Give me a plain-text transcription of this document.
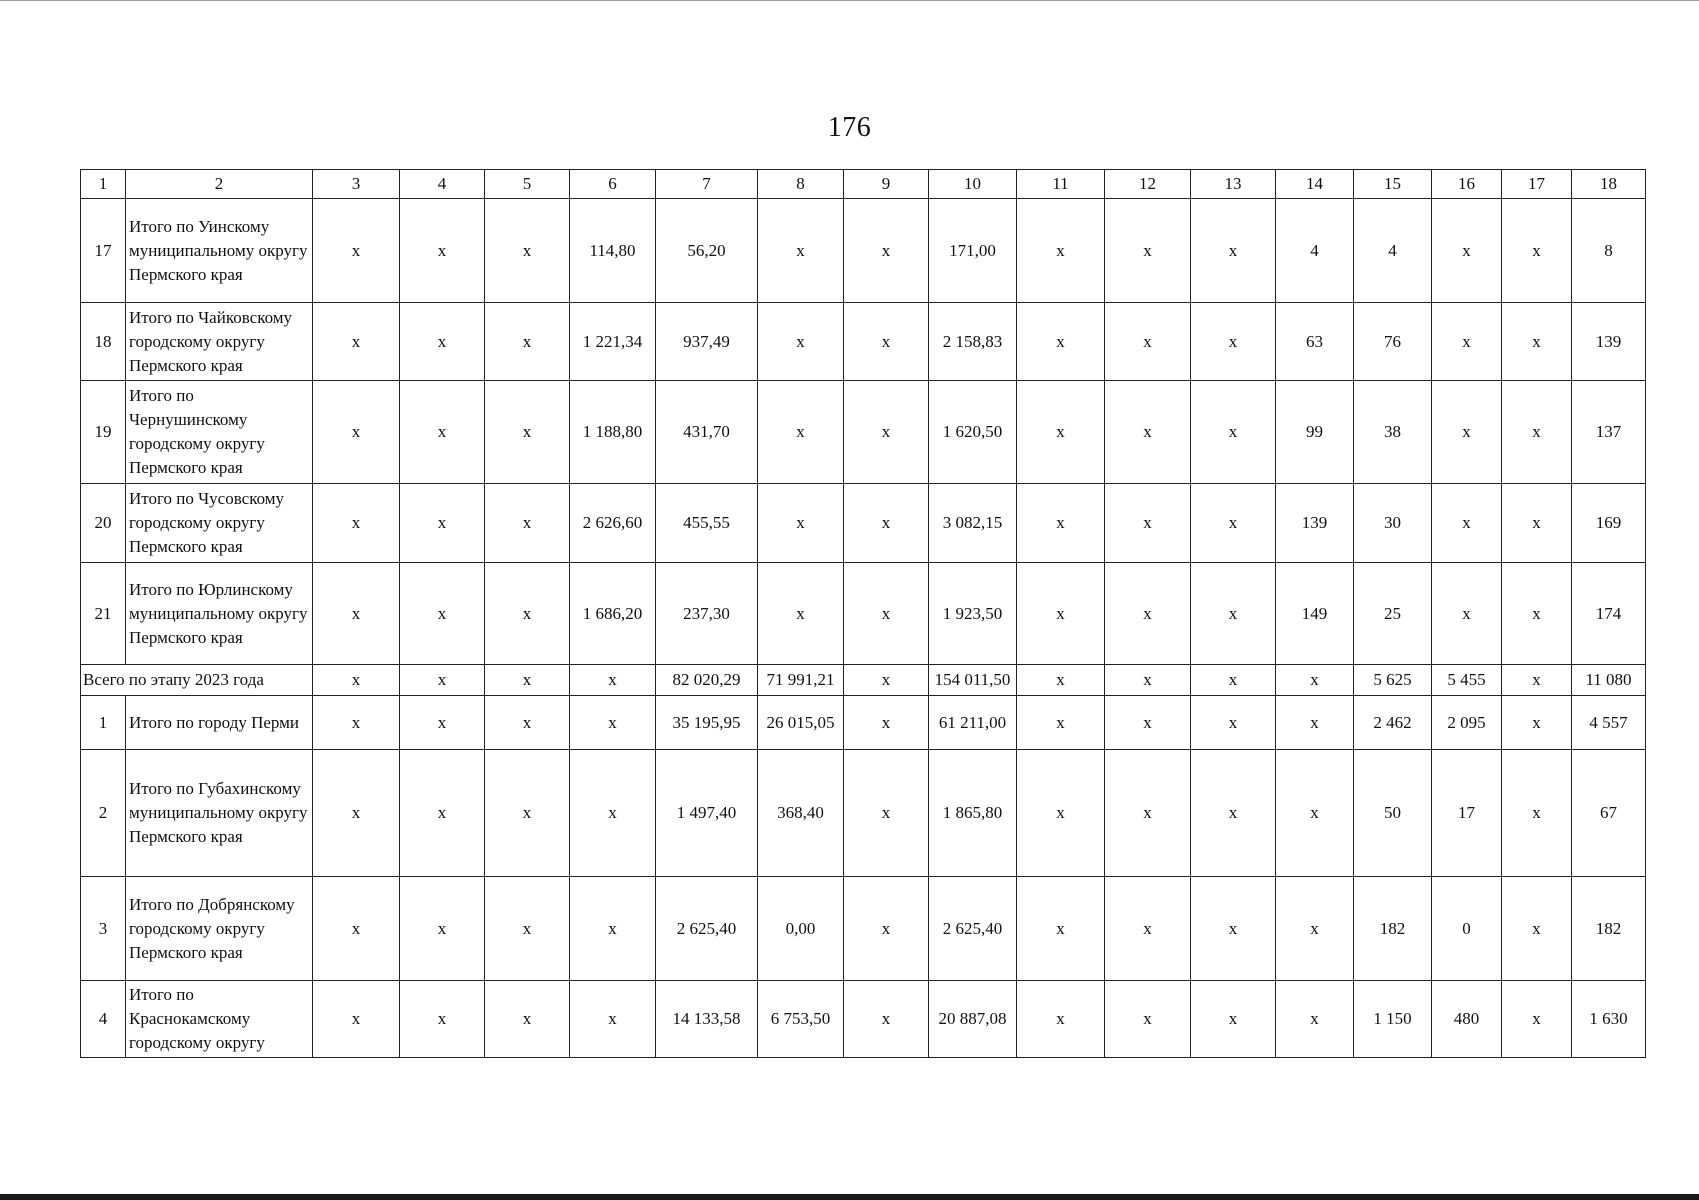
176
1	2	3	4	5	6	7	8	9	10	11	12	13	14	15	16	17	18
17	Итого по Уинскому муниципальному округу Пермского края	x	x	x	114,80	56,20	x	x	171,00	x	x	x	4	4	x	x	8
18	Итого по Чайковскому городскому округу Пермского края	x	x	x	1 221,34	937,49	x	x	2 158,83	x	x	x	63	76	x	x	139
19	Итого по Чернушинскому городскому округу Пермского края	x	x	x	1 188,80	431,70	x	x	1 620,50	x	x	x	99	38	x	x	137
20	Итого по Чусовскому городскому округу Пермского края	x	x	x	2 626,60	455,55	x	x	3 082,15	x	x	x	139	30	x	x	169
21	Итого по Юрлинскому муниципальному округу Пермского края	x	x	x	1 686,20	237,30	x	x	1 923,50	x	x	x	149	25	x	x	174
Всего по этапу 2023 года		x	x	x	x	82 020,29	71 991,21	x	154 011,50	x	x	x	x	5 625	5 455	x	11 080
1	Итого по городу Перми	x	x	x	x	35 195,95	26 015,05	x	61 211,00	x	x	x	x	2 462	2 095	x	4 557
2	Итого по Губахинскому муниципальному округу Пермского края	x	x	x	x	1 497,40	368,40	x	1 865,80	x	x	x	x	50	17	x	67
3	Итого по Добрянскому городскому округу Пермского края	x	x	x	x	2 625,40	0,00	x	2 625,40	x	x	x	x	182	0	x	182
4	Итого по Краснокамскому городскому округу	x	x	x	x	14 133,58	6 753,50	x	20 887,08	x	x	x	x	1 150	480	x	1 630
